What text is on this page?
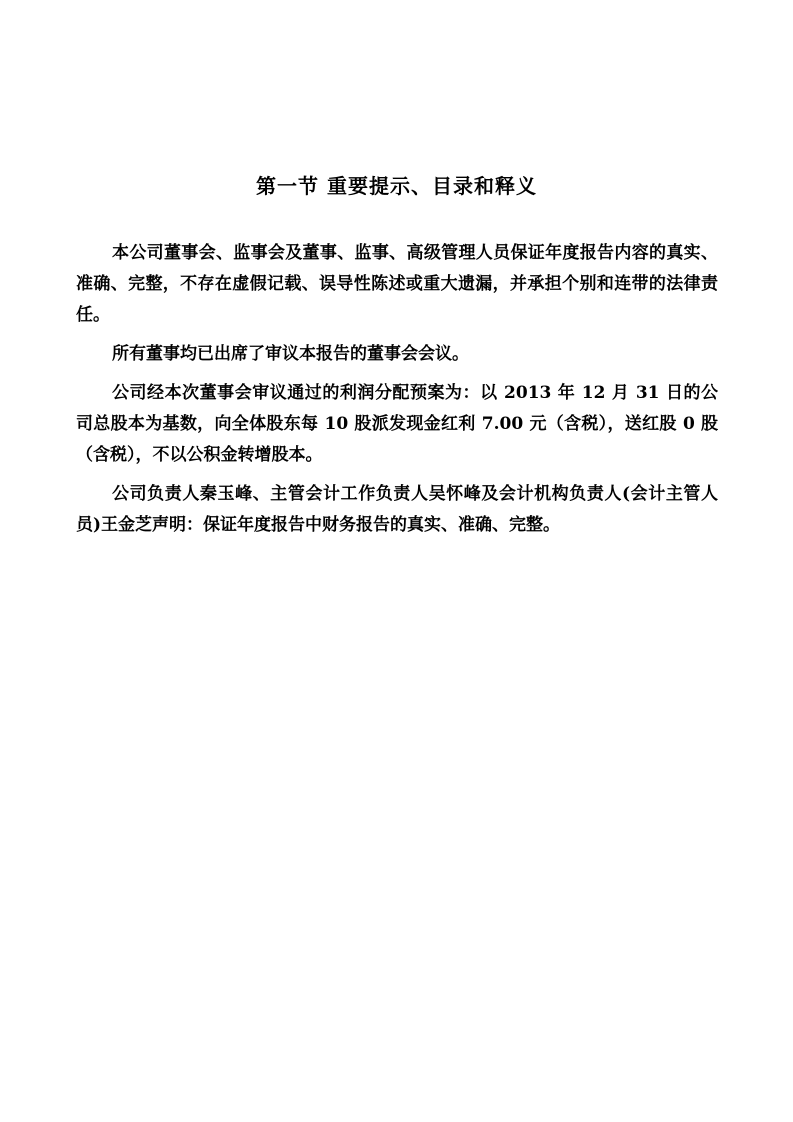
第一节 重要提示、目录和释义

本公司董事会、监事会及董事、监事、高级管理人员保证年度报告内容的真实、准确、完整，不存在虚假记载、误导性陈述或重大遗漏，并承担个别和连带的法律责任。

所有董事均已出席了审议本报告的董事会会议。

公司经本次董事会审议通过的利润分配预案为：以 2013 年 12 月 31 日的公司总股本为基数，向全体股东每 10 股派发现金红利 7.00 元（含税），送红股 0 股（含税），不以公积金转增股本。

公司负责人秦玉峰、主管会计工作负责人吴怀峰及会计机构负责人(会计主管人员)王金芝声明：保证年度报告中财务报告的真实、准确、完整。
